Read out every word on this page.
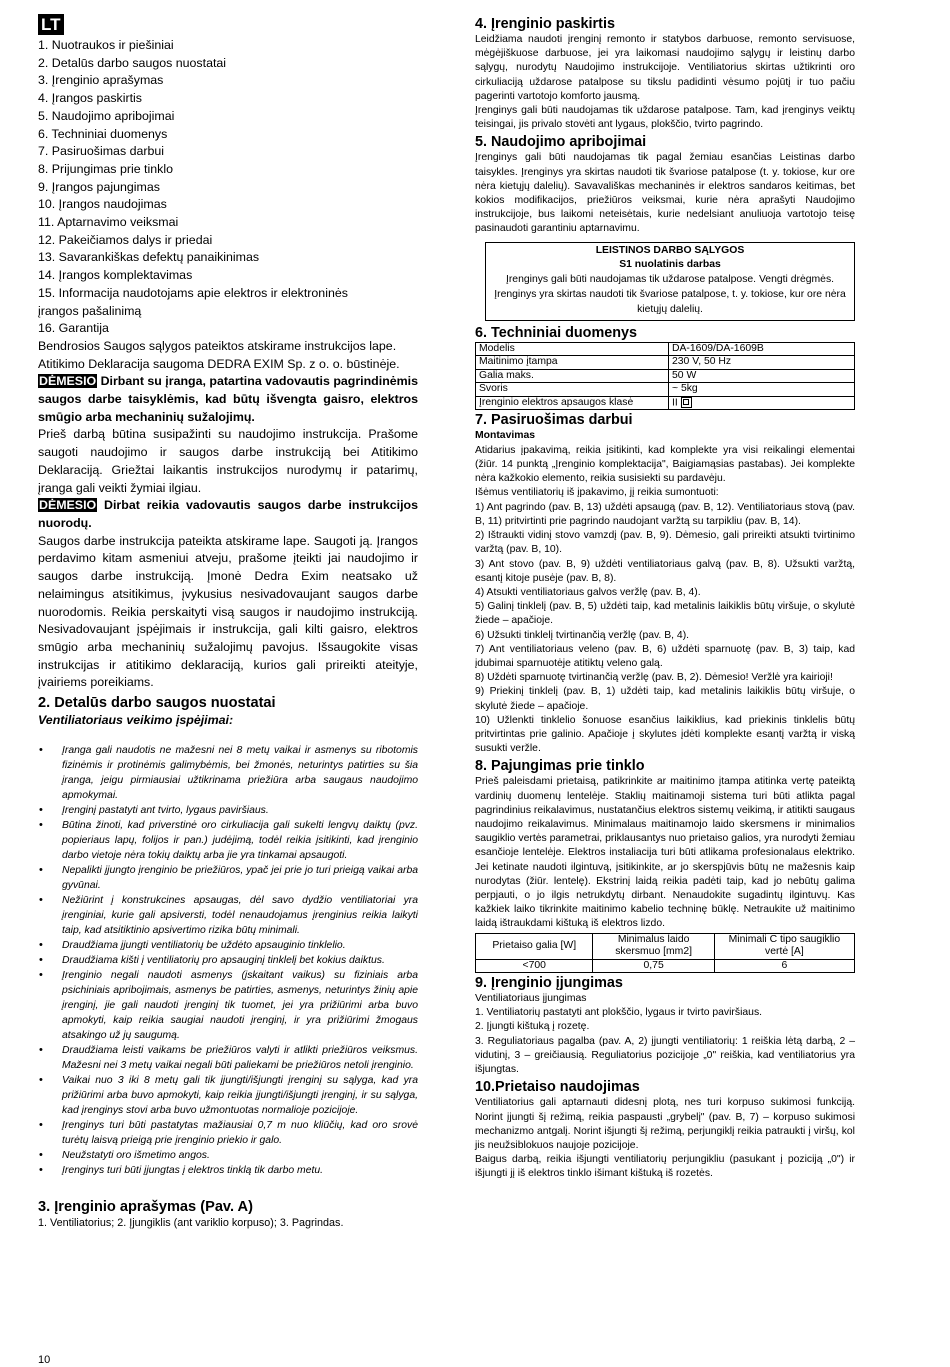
LT
1. Nuotraukos ir piešiniai
2. Detalūs darbo saugos nuostatai
3. Įrenginio aprašymas
4. Įrangos paskirtis
5. Naudojimo apribojimai
6. Techniniai duomenys
7. Pasiruošimas darbui
8. Prijungimas prie tinklo
9. Įrangos pajungimas
10. Įrangos naudojimas
11. Aptarnavimo veiksmai
12. Pakeičiamos dalys ir priedai
13. Savarankiškas defektų panaikinimas
14. Įrangos komplektavimas
15. Informacija naudotojams apie elektros ir elektroninės įrangos pašalinimą
16. Garantija

Bendrosios Saugos sąlygos pateiktos atskirame instrukcijos lape.

Atitikimo Deklaracija saugoma DEDRA EXIM Sp. z o. o. būstinėje.

DĖMESIO Dirbant su įranga, patartina vadovautis pagrindinėmis saugos darbe taisyklėmis, kad būtų išvengta gaisro, elektros smūgio arba mechaninių sužalojimų.

Prieš darbą būtina susipažinti su naudojimo instrukcija. Prašome saugoti naudojimo ir saugos darbe instrukciją bei Atitikimo Deklaraciją. Griežtai laikantis instrukcijos nurodymų ir patarimų, įranga gali veikti žymiai ilgiau.

DĖMESIO Dirbat reikia vadovautis saugos darbe instrukcijos nuorodų.

Saugos darbe instrukcija pateikta atskirame lape. Saugoti ją. Įrangos perdavimo kitam asmeniui atveju, prašome įteikti jai naudojimo ir saugos darbe instrukciją. Įmonė Dedra Exim neatsako už nelaimingus atsitikimus, įvykusius nesivadovaujant saugos darbe nuorodomis. Reikia perskaityti visą saugos ir naudojimo instrukciją. Nesivadovaujant įspėjimais ir instrukcija, gali kilti gaisro, elektros smūgio arba mechaninių sužalojimų pavojus. Išsaugokite visas instrukcijas ir atitikimo deklaraciją, kurios gali prireikti ateityje, įvairiems poreikiams.

2. Detalūs darbo saugos nuostatai
Ventiliatoriaus veikimo įspėjimai:
• Įranga gali naudotis ne mažesni nei 8 metų vaikai ir asmenys su ribotomis fizinėmis ir protinėmis galimybėmis, bei žmonės, neturintys patirties su šia įranga, jeigu pirmiausiai užtikrinama priežiūra arba saugaus naudojimo apmokymai.
• Įrenginį pastatyti ant tvirto, lygaus paviršiaus.
• Būtina žinoti, kad priverstinė oro cirkuliacija gali sukelti lengvų daiktų (pvz. popieriaus lapų, folijos ir pan.) judėjimą, todėl reikia įsitikinti, kad įrenginio darbo vietoje nėra tokių daiktų arba jie yra tinkamai apsaugoti.
• Nepalikti įjungto įrenginio be priežiūros, ypač jei prie jo turi prieigą vaikai arba gyvūnai.
• Nežiūrint į konstrukcines apsaugas, dėl savo dydžio ventiliatoriai yra įrenginiai, kurie gali apsiversti, todėl nenaudojamus įrenginius reikia laikyti taip, kad atsitiktinio apsivertimo rizika būtų minimali.
• Draudžiama įjungti ventiliatorių be uždėto apsauginio tinklelio.
• Draudžiama kišti į ventiliatorių pro apsauginį tinklelį bet kokius daiktus.
• Įrenginio negali naudoti asmenys (įskaitant vaikus) su fiziniais arba psichiniais apribojimais, asmenys be patirties, asmenys, neturintys žinių apie įrenginį, jie gali naudoti įrenginį tik tuomet, jei yra prižiūrimi arba buvo apmokyti, kaip reikia saugiai naudoti įrenginį, ir yra prižiūrimi žmogaus atsakingo už jų saugumą.
• Draudžiama leisti vaikams be priežiūros valyti ir atlikti priežiūros veiksmus. Mažesni nei 3 metų vaikai negali būti paliekami be priežiūros netoli įrenginio.
• Vaikai nuo 3 iki 8 metų gali tik įjungti/išjungti įrenginį su sąlyga, kad yra prižiūrimi arba buvo apmokyti, kaip reikia įjungti/išjungti įrenginį, ir su sąlyga, kad įrenginys stovi arba buvo užmontuotas normalioje pozicijoje.
• Įrenginys turi būti pastatytas mažiausiai 0,7 m nuo kliūčių, kad oro srovė turėtų laisvą prieigą prie įrenginio priekio ir galo.
• Neužstatyti oro išmetimo angos.
• Įrenginys turi būti įjungtas į elektros tinklą tik darbo metu.
3. Įrenginio aprašymas (Pav. A)
1. Ventiliatorius; 2. Įjungiklis (ant variklio korpuso); 3. Pagrindas.
10
4. Įrenginio paskirtis

Leidžiama naudoti įrenginį remonto ir statybos darbuose, remonto servisuose, mėgėjiškuose darbuose, jei yra laikomasi naudojimo sąlygų ir leistinų darbo sąlygų, nurodytų Naudojimo instrukcijoje. Ventiliatorius skirtas užtikrinti oro cirkuliaciją uždarose patalpose su tikslu padidinti vėsumo pojūtį ir tuo pačiu pagerinti vartotojo komforto jausmą.

Įrenginys gali būti naudojamas tik uždarose patalpose. Tam, kad įrenginys veiktų teisingai, jis privalo stovėti ant lygaus, plokščio, tvirto pagrindo.

5. Naudojimo apribojimai

Įrenginys gali būti naudojamas tik pagal žemiau esančias Leistinas darbo taisykles. Įrenginys yra skirtas naudoti tik švariose patalpose (t. y. tokiose, kur ore nėra kietųjų dalelių). Savavališkas mechaninės ir elektros sandaros keitimas, bet kokios modifikacijos, priežiūros veiksmai, kurie nėra aprašyti Naudojimo instrukcijoje, bus laikomi neteisėtais, kurie nedelsiant anuliuoja vartotojo teisę pasinaudoti garantiniu aptarnavimu.

LEISTINOS DARBO SĄLYGOS
S1 nuolatinis darbas
Įrenginys gali būti naudojamas tik uždarose patalpose. Vengti drėgmės.
Įrenginys yra skirtas naudoti tik švariose patalpose, t. y. tokiose, kur ore nėra kietųjų dalelių.
6. Techniniai duomenys
Modelis	DA-1609/DA-1609B
Maitinimo įtampa	230 V, 50 Hz
Galia maks.	50 W
Svoris	~ 5kg
Įrenginio elektros apsaugos klasė	II
7. Pasiruošimas darbui
Montavimas

Atidarius įpakavimą, reikia įsitikinti, kad komplekte yra visi reikalingi elementai (žiūr. 14 punktą „Įrenginio komplektacija", Baigiamąsias pastabas). Jei komplekte nėra kažkokio elemento, reikia susisiekti su pardavėju.

Išėmus ventiliatorių iš įpakavimo, jį reikia sumontuoti:

1) Ant pagrindo (pav. B, 13) uždėti apsaugą (pav. B, 12). Ventiliatoriaus stovą (pav. B, 11) pritvirtinti prie pagrindo naudojant varžtą su tarpikliu (pav. B, 14).

2) Ištraukti vidinį stovo vamzdį (pav. B, 9). Dėmesio, gali prireikti atsukti tvirtinimo varžtą (pav. B, 10).

3) Ant stovo (pav. B, 9) uždėti ventiliatoriaus galvą (pav. B, 8). Užsukti varžtą, esantį kitoje pusėje (pav. B, 8).

4) Atsukti ventiliatoriaus galvos veržlę (pav. B, 4).

5) Galinį tinklelį (pav. B, 5) uždėti taip, kad metalinis laikiklis būtų viršuje, o skylutė žiede – apačioje.

6) Užsukti tinklelį tvirtinančią veržlę (pav. B, 4).

7) Ant ventiliatoriaus veleno (pav. B, 6) uždėti sparnuotę (pav. B, 3) taip, kad įdubimai sparnuotėje atitiktų veleno galą.

8) Uždėti sparnuotę tvirtinančią veržlę (pav. B, 2). Dėmesio! Veržlė yra kairioji!

9) Priekinį tinklelį (pav. B, 1) uždėti taip, kad metalinis laikiklis būtų viršuje, o skylutė žiede – apačioje.

10) Užlenkti tinklelio šonuose esančius laikiklius, kad priekinis tinklelis būtų pritvirtintas prie galinio. Apačioje į skylutes įdėti komplekte esantį varžtą ir viską susukti veržle.

8. Pajungimas prie tinklo

Prieš paleisdami prietaisą, patikrinkite ar maitinimo įtampa atitinka vertę pateiktą vardinių duomenų lentelėje. Staklių maitinamoji sistema turi būti atlikta pagal pagrindinius reikalavimus, nustatančius elektros sistemų veikimą, ir atitikti saugaus naudojimo reikalavimus. Minimalaus maitinamojo laido skersmens ir minimalios saugiklio vertės parametrai, priklausantys nuo prietaiso galios, yra nurodyti žemiau esančioje lentelėje. Elektros instaliacija turi būti atlikama profesionalaus elektriko. Jei ketinate naudoti ilgintuvą, įsitikinkite, ar jo skerspjūvis būtų ne mažesnis kaip nurodytas (žiūr. lentelę). Ekstrinį laidą reikia padėti taip, kad jo nebūtų galima perpjauti, o jo ilgis netrukdytų dirbant. Nenaudokite sugadintų ilgintuvų. Kas kažkiek laiko tikrinkite maitinimo kabelio techninę būklę. Netraukite už maitinimo laidą ištraukdami kištuką iš elektros lizdo.

Prietaiso galia [W]	Minimalus laido skersmuo [mm2]	Minimali C tipo saugiklio vertė [A]
<700	0,75	6
9. Įrenginio įjungimas

Ventiliatoriaus įjungimas

1. Ventiliatorių pastatyti ant plokščio, lygaus ir tvirto paviršiaus.

2. Įjungti kištuką į rozetę.

3. Reguliatoriaus pagalba (pav. A, 2) įjungti ventiliatorių: 1 reiškia lėtą darbą, 2 – vidutinį, 3 – greičiausią. Reguliatorius pozicijoje „0" reiškia, kad ventiliatorius yra išjungtas.

10.Prietaiso naudojimas

Ventiliatorius gali aptarnauti didesnį plotą, nes turi korpuso sukimosi funkciją. Norint įjungti šį režimą, reikia paspausti „grybelį" (pav. B, 7) – korpuso sukimosi mechanizmo antgalį. Norint išjungti šį režimą, perjungiklį reikia patraukti į viršų, kol jis neužsiblokuos naujoje pozicijoje.

Baigus darbą, reikia išjungti ventiliatorių perjungikliu (pasukant į poziciją „0") ir išjungti jį iš elektros tinklo išimant kištuką iš rozetės.
